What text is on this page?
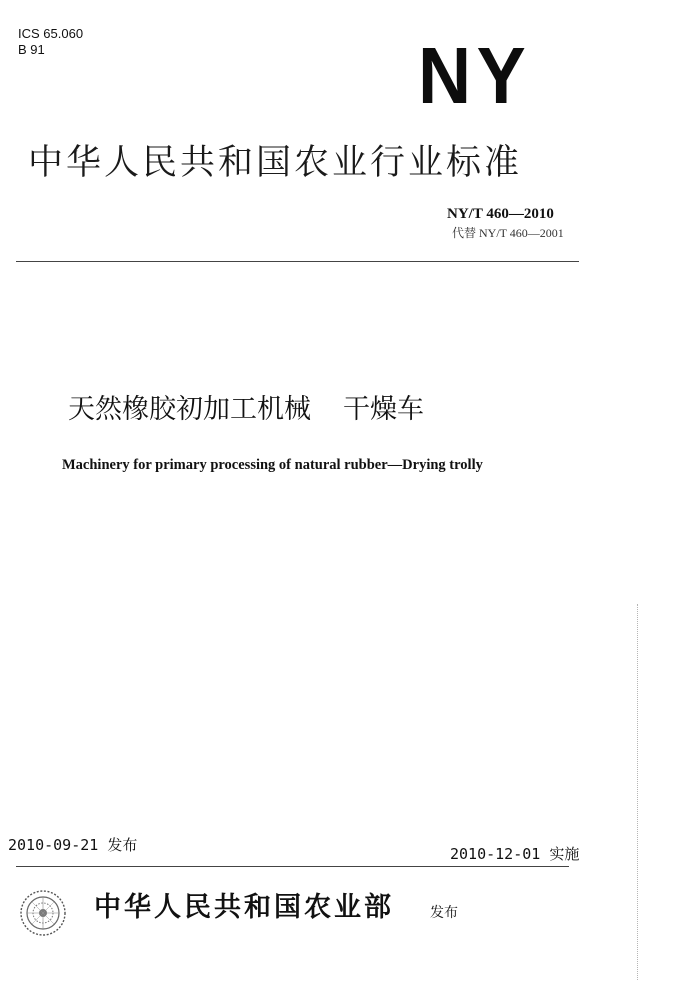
ICS 65.060
B 91	NY
中华人民共和国农业行业标准
NY/T 460—2010
代替 NY/T 460—2001
天然橡胶初加工机械 干燥车
Machinery for primary processing of natural rubber—Drying trolly
2010-09-21 发布	2010-12-01 实施
中华人民共和国农业部	发布
